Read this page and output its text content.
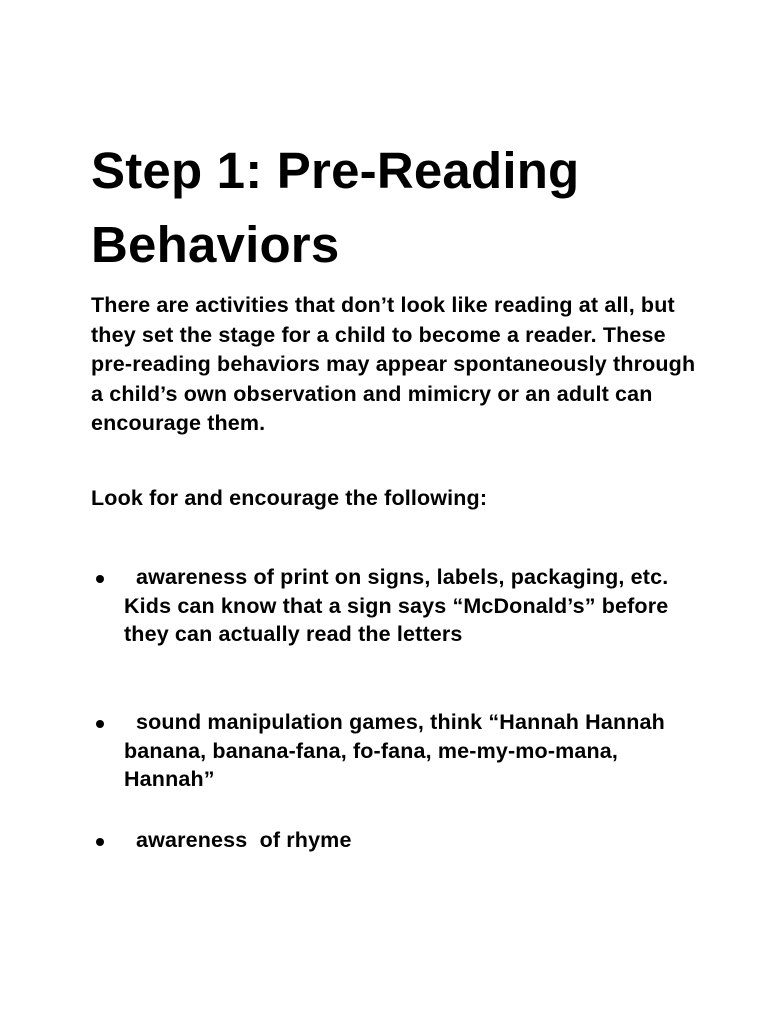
Step 1: Pre-Reading Behaviors

There are activities that don’t look like reading at all, but they set the stage for a child to become a reader. These pre-reading behaviors may appear spontaneously through a child’s own observation and mimicry or an adult can encourage them.

Look for and encourage the following:

awareness of print on signs, labels, packaging, etc. Kids can know that a sign says “McDonald’s” before they can actually read the letters
sound manipulation games, think “Hannah Hannah banana, banana-fana, fo-fana, me-my-mo-mana, Hannah”
awareness  of rhyme
